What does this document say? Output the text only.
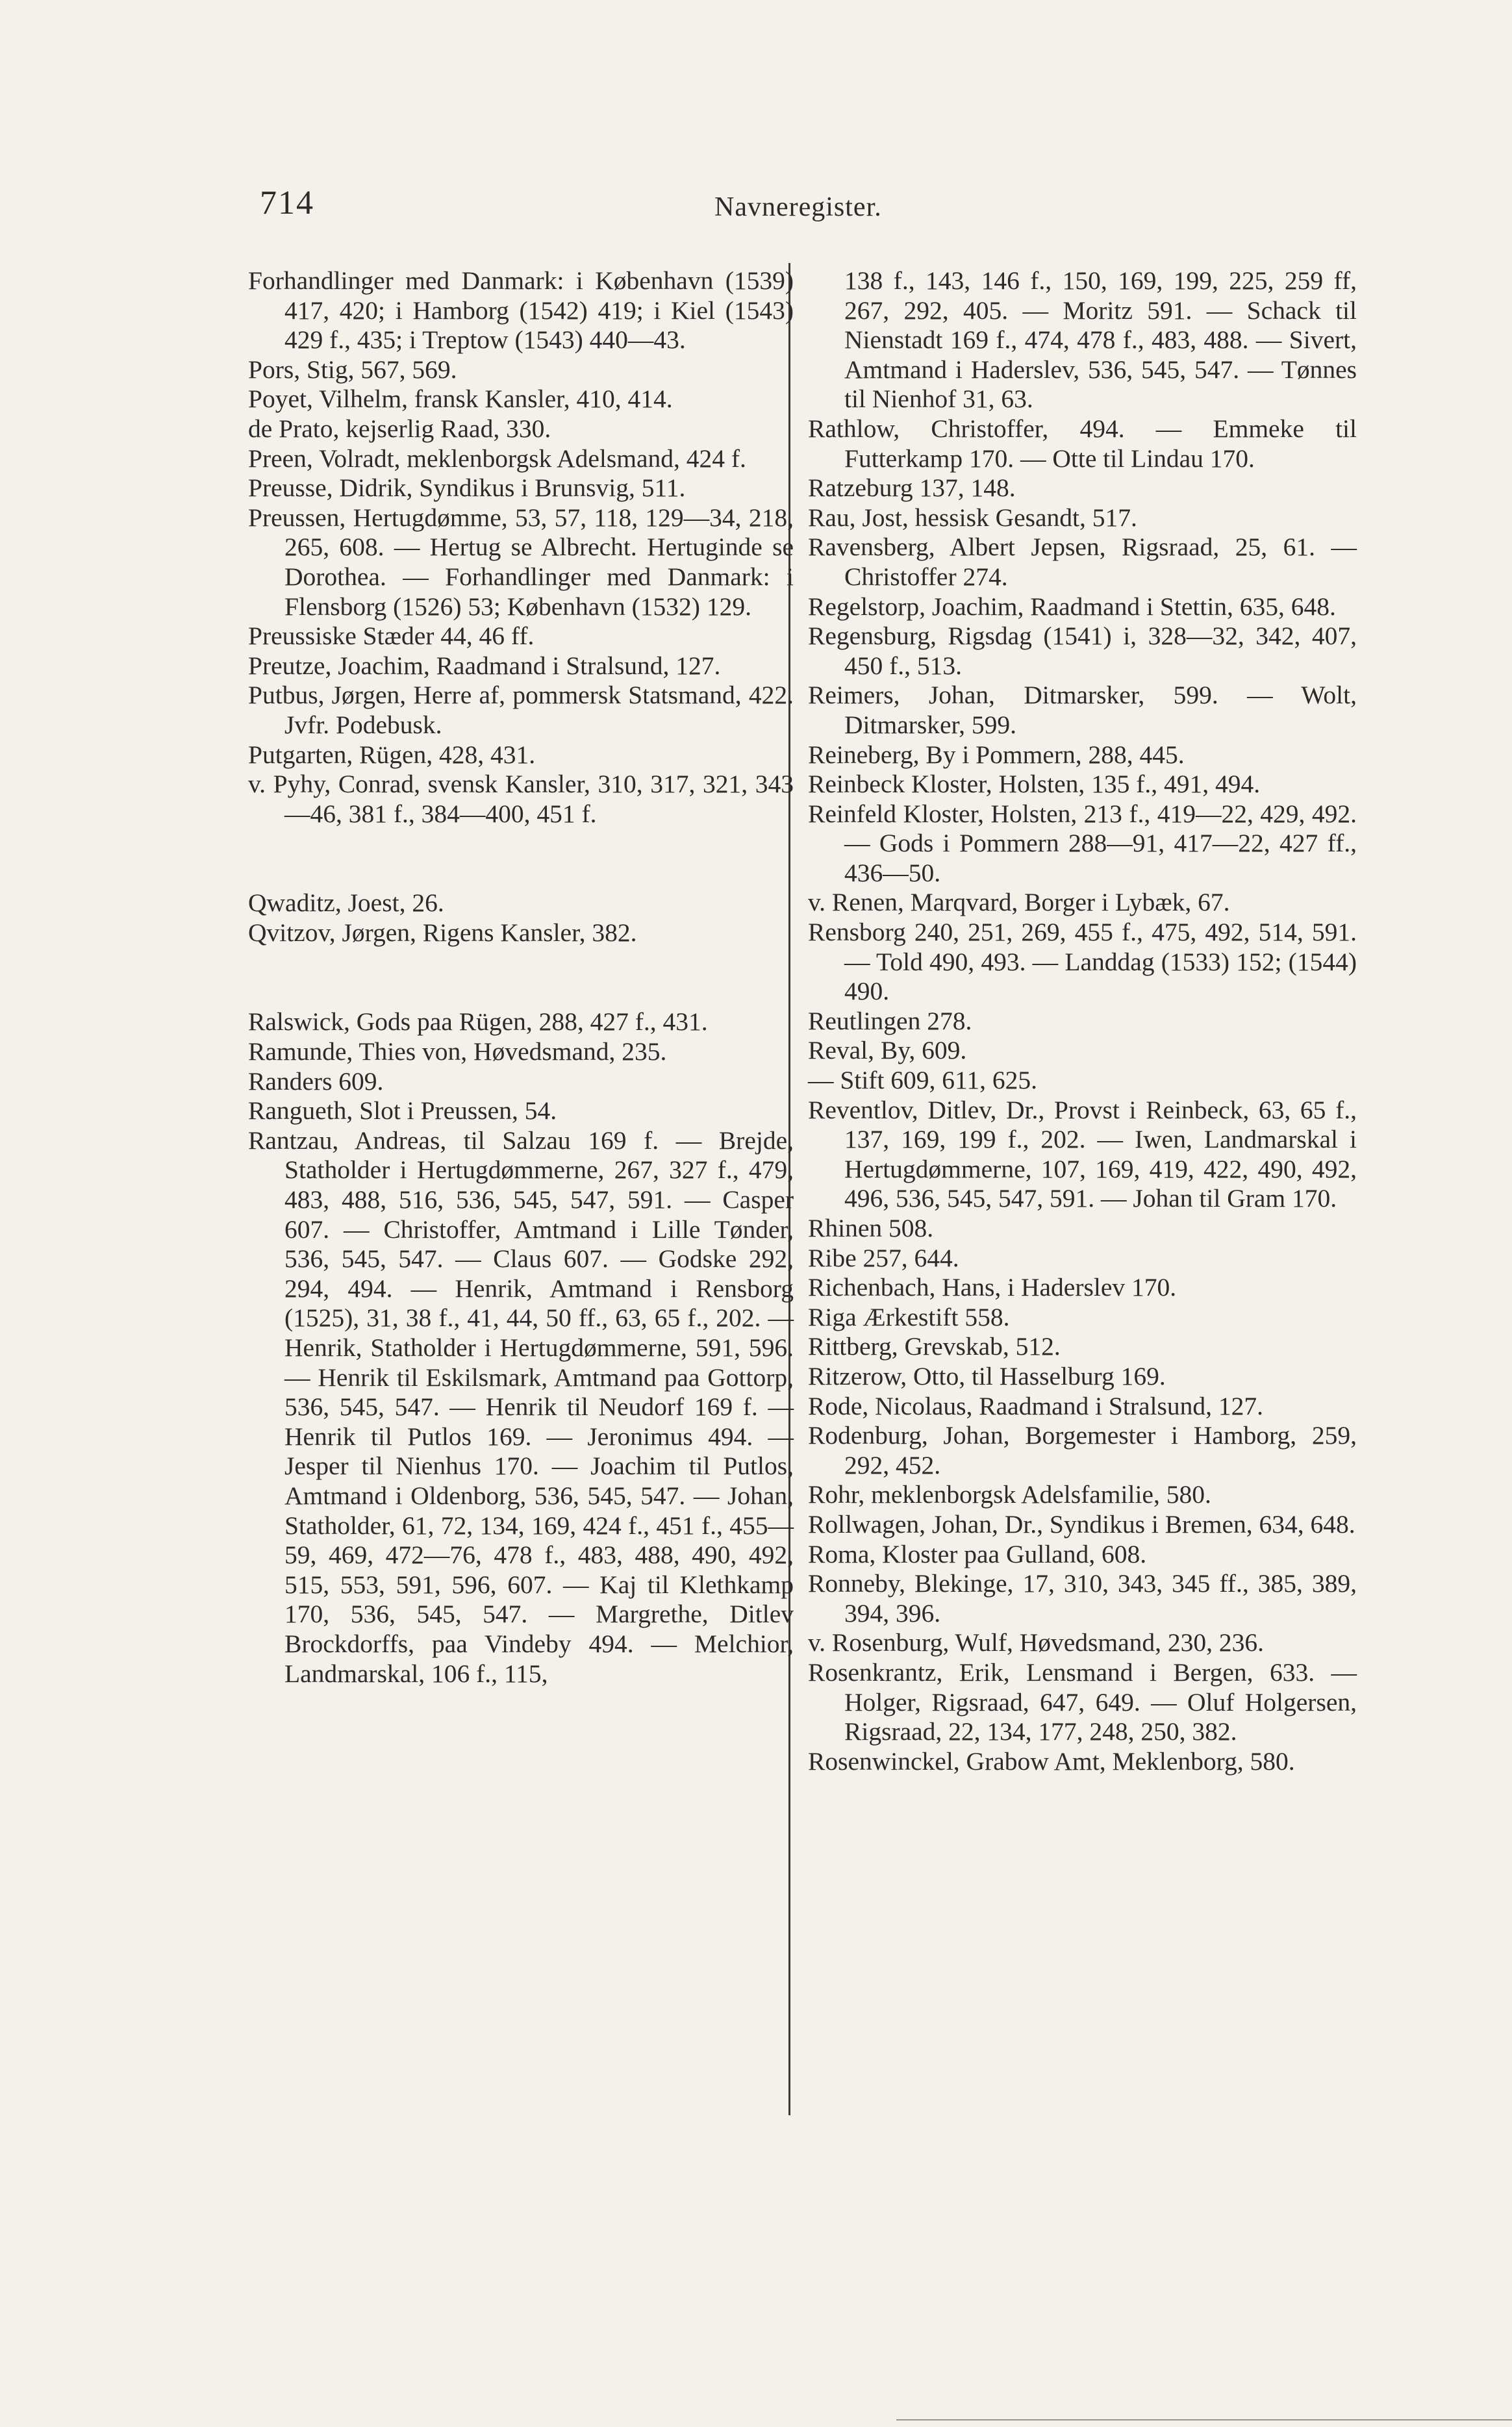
714	Navneregister.

Forhandlinger med Danmark: i København (1539) 417, 420; i Hamborg (1542) 419; i Kiel (1543) 429 f., 435; i Treptow (1543) 440—43.

Pors, Stig, 567, 569.

Poyet, Vilhelm, fransk Kansler, 410, 414.

de Prato, kejserlig Raad, 330.

Preen, Volradt, meklenborgsk Adelsmand, 424 f.

Preusse, Didrik, Syndikus i Brunsvig, 511.

Preussen, Hertugdømme, 53, 57, 118, 129—34, 218, 265, 608. — Hertug se Albrecht. Hertuginde se Dorothea. — Forhandlinger med Danmark: i Flensborg (1526) 53; København (1532) 129.

Preussiske Stæder 44, 46 ff.

Preutze, Joachim, Raadmand i Stralsund, 127.

Putbus, Jørgen, Herre af, pommersk Statsmand, 422. Jvfr. Podebusk.

Putgarten, Rügen, 428, 431.

v. Pyhy, Conrad, svensk Kansler, 310, 317, 321, 343—46, 381 f., 384—400, 451 f.

Qwaditz, Joest, 26.

Qvitzov, Jørgen, Rigens Kansler, 382.

Ralswick, Gods paa Rügen, 288, 427 f., 431.

Ramunde, Thies von, Høvedsmand, 235.

Randers 609.

Rangueth, Slot i Preussen, 54.

Rantzau, Andreas, til Salzau 169 f. — Brejde, Statholder i Hertugdømmerne, 267, 327 f., 479, 483, 488, 516, 536, 545, 547, 591. — Casper 607. — Christoffer, Amtmand i Lille Tønder, 536, 545, 547. — Claus 607. — Godske 292, 294, 494. — Henrik, Amtmand i Rensborg (1525), 31, 38 f., 41, 44, 50 ff., 63, 65 f., 202. — Henrik, Statholder i Hertugdømmerne, 591, 596. — Henrik til Eskilsmark, Amtmand paa Gottorp, 536, 545, 547. — Henrik til Neudorf 169 f. — Henrik til Putlos 169. — Jeronimus 494. — Jesper til Nienhus 170. — Joachim til Putlos, Amtmand i Oldenborg, 536, 545, 547. — Johan, Statholder, 61, 72, 134, 169, 424 f., 451 f., 455—59, 469, 472—76, 478 f., 483, 488, 490, 492, 515, 553, 591, 596, 607. — Kaj til Klethkamp 170, 536, 545, 547. — Margrethe, Ditlev Brockdorffs, paa Vindeby 494. — Melchior, Landmarskal, 106 f., 115,

138 f., 143, 146 f., 150, 169, 199, 225, 259 ff, 267, 292, 405. — Moritz 591. — Schack til Nienstadt 169 f., 474, 478 f., 483, 488. — Sivert, Amtmand i Haderslev, 536, 545, 547. — Tønnes til Nienhof 31, 63.

Rathlow, Christoffer, 494. — Emmeke til Futterkamp 170. — Otte til Lindau 170.

Ratzeburg 137, 148.

Rau, Jost, hessisk Gesandt, 517.

Ravensberg, Albert Jepsen, Rigsraad, 25, 61. — Christoffer 274.

Regelstorp, Joachim, Raadmand i Stettin, 635, 648.

Regensburg, Rigsdag (1541) i, 328—32, 342, 407, 450 f., 513.

Reimers, Johan, Ditmarsker, 599. — Wolt, Ditmarsker, 599.

Reineberg, By i Pommern, 288, 445.

Reinbeck Kloster, Holsten, 135 f., 491, 494.

Reinfeld Kloster, Holsten, 213 f., 419—22, 429, 492. — Gods i Pommern 288—91, 417—22, 427 ff., 436—50.

v. Renen, Marqvard, Borger i Lybæk, 67.

Rensborg 240, 251, 269, 455 f., 475, 492, 514, 591. — Told 490, 493. — Landdag (1533) 152; (1544) 490.

Reutlingen 278.

Reval, By, 609.

— Stift 609, 611, 625.

Reventlov, Ditlev, Dr., Provst i Reinbeck, 63, 65 f., 137, 169, 199 f., 202. — Iwen, Landmarskal i Hertugdømmerne, 107, 169, 419, 422, 490, 492, 496, 536, 545, 547, 591. — Johan til Gram 170.

Rhinen 508.

Ribe 257, 644.

Richenbach, Hans, i Haderslev 170.

Riga Ærkestift 558.

Rittberg, Grevskab, 512.

Ritzerow, Otto, til Hasselburg 169.

Rode, Nicolaus, Raadmand i Stralsund, 127.

Rodenburg, Johan, Borgemester i Hamborg, 259, 292, 452.

Rohr, meklenborgsk Adelsfamilie, 580.

Rollwagen, Johan, Dr., Syndikus i Bremen, 634, 648.

Roma, Kloster paa Gulland, 608.

Ronneby, Blekinge, 17, 310, 343, 345 ff., 385, 389, 394, 396.

v. Rosenburg, Wulf, Høvedsmand, 230, 236.

Rosenkrantz, Erik, Lensmand i Bergen, 633. — Holger, Rigsraad, 647, 649. — Oluf Holgersen, Rigsraad, 22, 134, 177, 248, 250, 382.

Rosenwinckel, Grabow Amt, Meklenborg, 580.
